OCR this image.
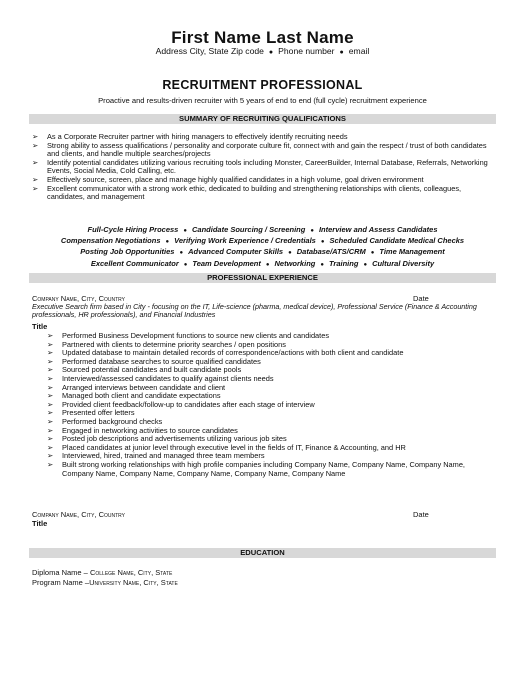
First Name Last Name
Address City, State Zip code ● Phone number ● email
RECRUITMENT PROFESSIONAL
Proactive and results-driven recruiter with 5 years of end to end (full cycle) recruitment experience
SUMMARY OF RECRUITING QUALIFICATIONS
➢ As a Corporate Recruiter partner with hiring managers to effectively identify recruiting needs
➢ Strong ability to assess qualifications / personality and corporate culture fit, connect with and gain the respect / trust of both candidates and clients, and handle multiple searches/projects
➢ Identify potential candidates utilizing various recruiting tools including Monster, CareerBuilder, Internal Database, Referrals, Networking Events, Social Media, Cold Calling, etc.
➢ Effectively source, screen, place and manage highly qualified candidates in a high volume, goal driven environment
➢ Excellent communicator with a strong work ethic, dedicated to building and strengthening relationships with clients, colleagues, candidates, and management
Full-Cycle Hiring Process ● Candidate Sourcing / Screening ● Interview and Assess Candidates
Compensation Negotiations ● Verifying Work Experience / Credentials ● Scheduled Candidate Medical Checks
Posting Job Opportunities ● Advanced Computer Skills ● Database/ATS/CRM ● Time Management
Excellent Communicator ● Team Development ● Networking ● Training ● Cultural Diversity
PROFESSIONAL EXPERIENCE
Company Name, City, Country	Date
Executive Search firm based in City - focusing on the IT, Life-science (pharma, medical device), Professional Service (Finance & Accounting professionals, HR professionals), and Financial Industries
Title
➢ Performed Business Development functions to source new clients and candidates
➢ Partnered with clients to determine priority searches / open positions
➢ Updated database to maintain detailed records of correspondence/actions with both client and candidate
➢ Performed database searches to source qualified candidates
➢ Sourced potential candidates and built candidate pools
➢ Interviewed/assessed candidates to qualify against clients needs
➢ Arranged interviews between candidate and client
➢ Managed both client and candidate expectations
➢ Provided client feedback/follow-up to candidates after each stage of interview
➢ Presented offer letters
➢ Performed background checks
➢ Engaged in networking activities to source candidates
➢ Posted job descriptions and advertisements utilizing various job sites
➢ Placed candidates at junior level through executive level in the fields of IT, Finance & Accounting, and HR
➢ Interviewed, hired, trained and managed three team members
➢ Built strong working relationships with high profile companies including Company Name, Company Name, Company Name, Company Name, Company Name, Company Name, Company Name, Company Name
Company Name, City, Country	Date
Title
EDUCATION
Diploma Name – College Name, City, State
Program Name –University Name, City, State
